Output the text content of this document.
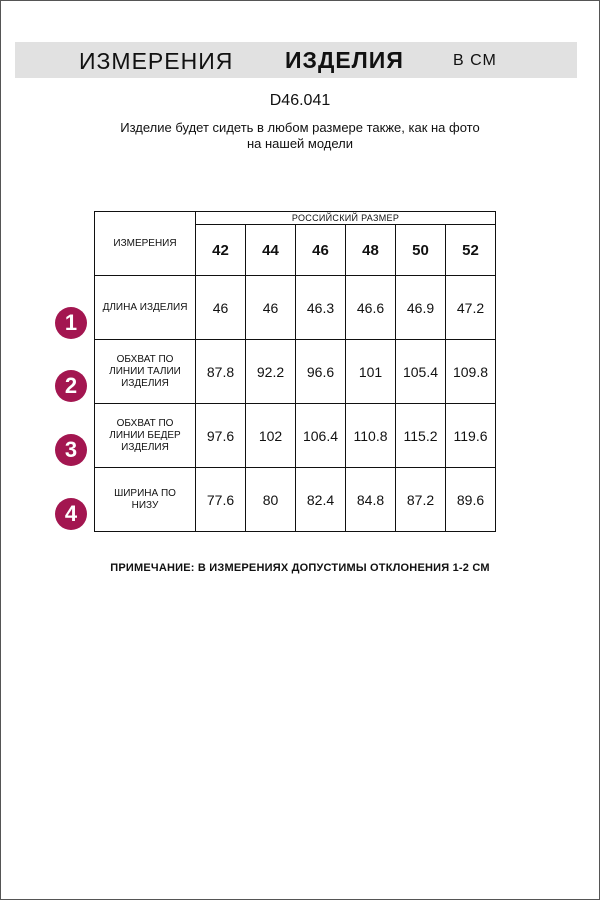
ИЗМЕРЕНИЯ ИЗДЕЛИЯ	В СМ
D46.041
Изделие будет сидеть в любом размере также, как на фото
на нашей модели
ИЗМЕРЕНИЯ	РОССИЙСКИЙ РАЗМЕР					
	42	44	46	48	50	52

ДЛИНА ИЗДЕЛИЯ	46	46	46.3	46.6	46.9	47.2

ОБХВАТ ПО
ЛИНИИ ТАЛИИ
ИЗДЕЛИЯ	87.8	92.2	96.6	101	105.4	109.8

ОБХВАТ ПО
ЛИНИИ БЕДЕР
ИЗДЕЛИЯ	97.6	102	106.4	110.8	115.2	119.6

ШИРИНА ПО
НИЗУ	77.6	80	82.4	84.8	87.2	89.6
1
2
3
4
ПРИМЕЧАНИЕ: В ИЗМЕРЕНИЯХ ДОПУСТИМЫ ОТКЛОНЕНИЯ 1-2 СМ
